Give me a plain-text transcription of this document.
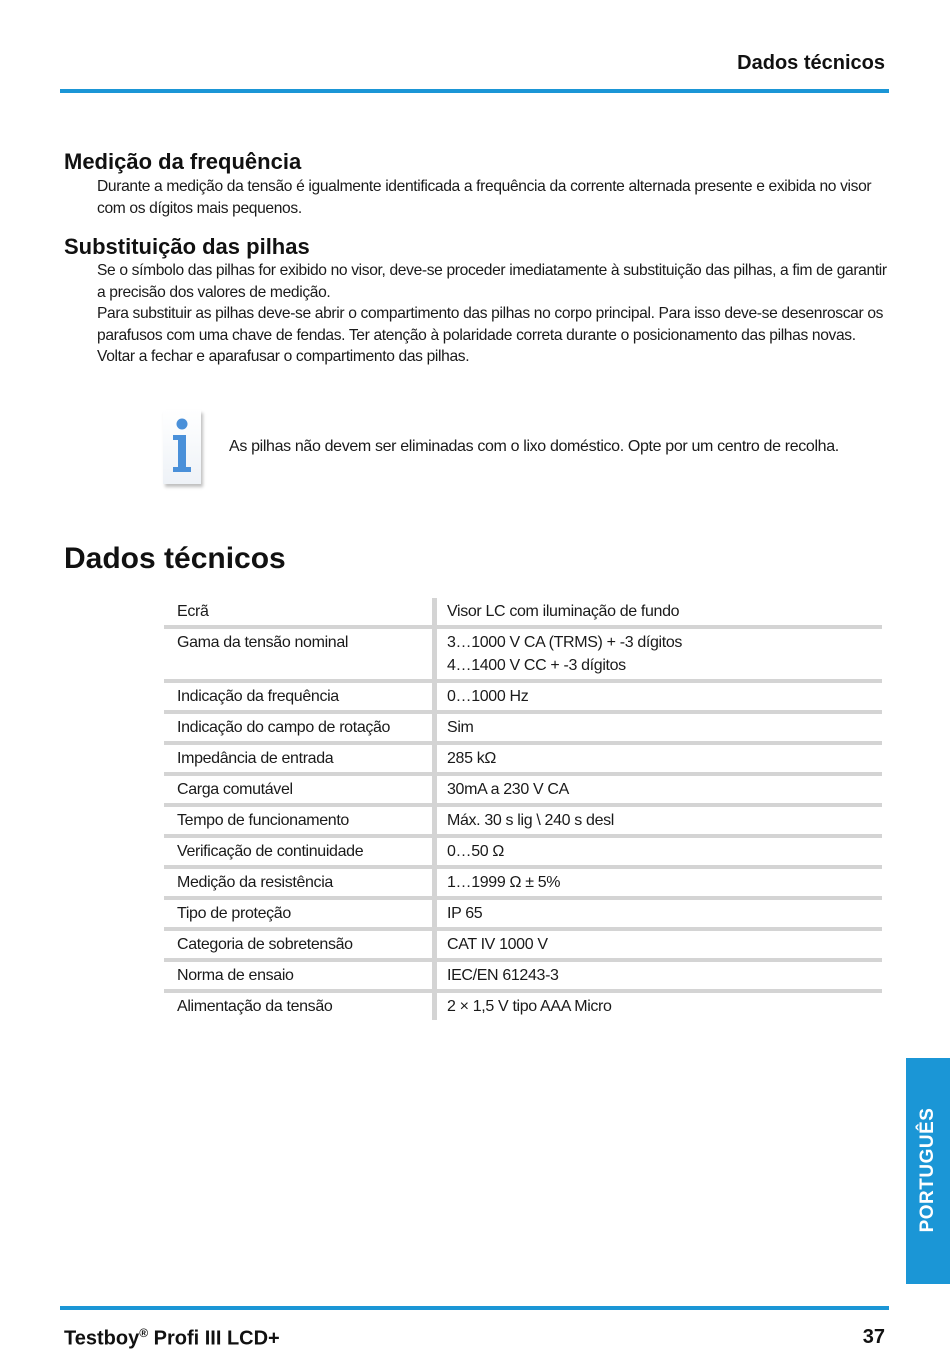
Dados técnicos
Medição da frequência

Durante a medição da tensão é igualmente identificada a frequência da corrente alternada presente e exibida no visor com os dígitos mais pequenos.

Substituição das pilhas

Se o símbolo das pilhas for exibido no visor, deve-se proceder imediatamente à substituição das pilhas, a fim de garantir a precisão dos valores de medição.

Para substituir as pilhas deve-se abrir o compartimento das pilhas no corpo principal. Para isso deve-se desenroscar os parafusos com uma chave de fendas. Ter atenção à polaridade correta durante o posicionamento das pilhas novas.

Voltar a fechar e aparafusar o compartimento das pilhas.

As pilhas não devem ser eliminadas com o lixo doméstico. Opte por um centro de recolha.
Dados técnicos
Ecrã	Visor LC com iluminação de fundo
Gama da tensão nominal	3…1000 V CA (TRMS) + -3 dígitos
4…1400 V CC + -3 dígitos

Indicação da frequência	0…1000 Hz
Indicação do campo de rotação	Sim
Impedância de entrada	285 kΩ
Carga comutável	30mA a 230 V CA
Tempo de funcionamento	Máx. 30 s lig \ 240 s desl
Verificação de continuidade	0…50 Ω
Medição da resistência	1…1999 Ω ± 5%
Tipo de proteção	IP 65
Categoria de sobretensão	CAT IV 1000 V
Norma de ensaio	IEC/EN 61243-3
Alimentação da tensão	2 × 1,5 V tipo AAA Micro
PORTUGUÊS
Testboy® Profi III LCD+	37
